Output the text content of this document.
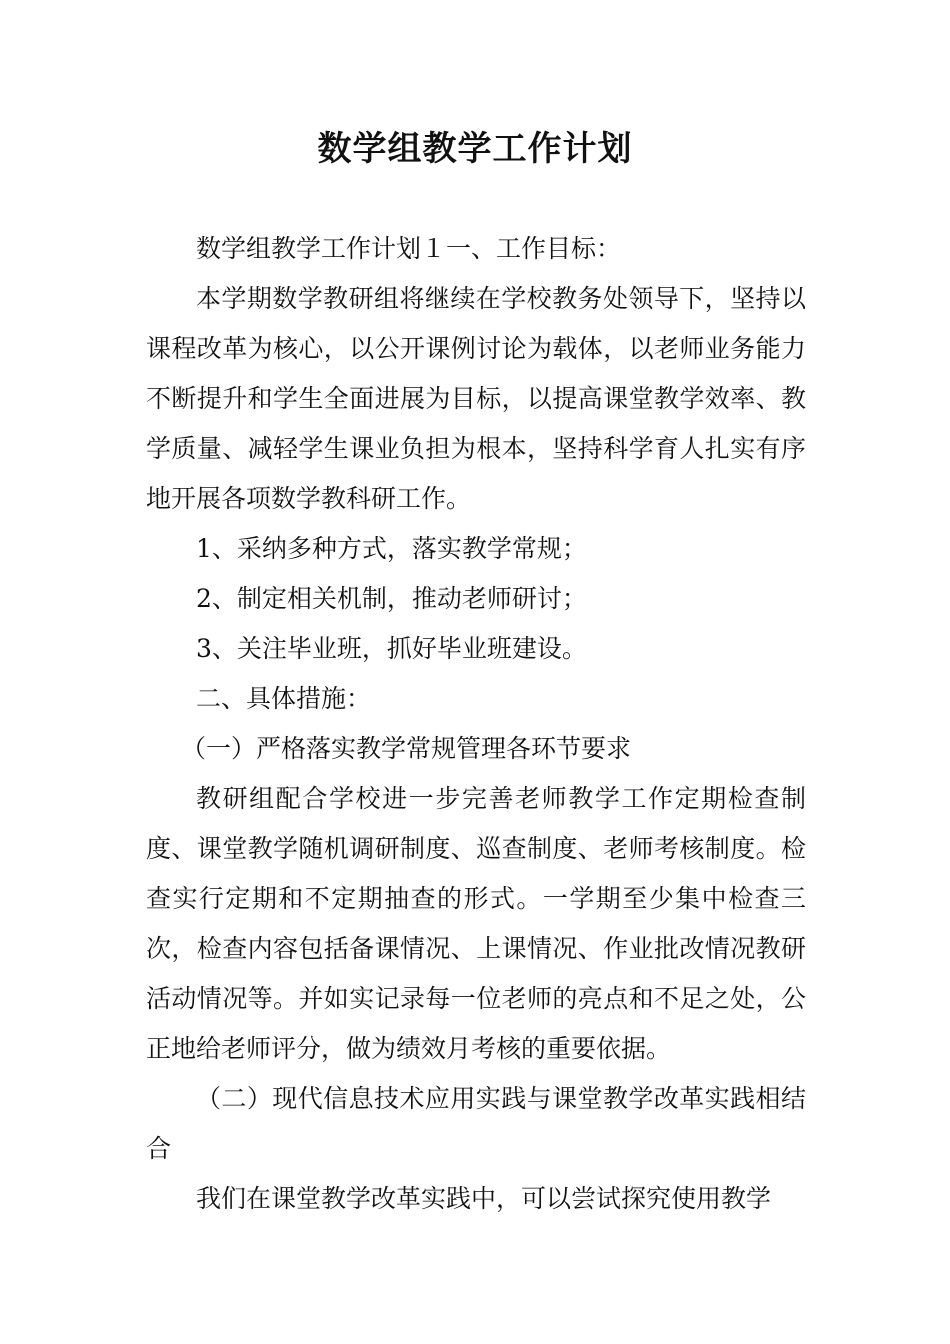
数学组教学工作计划

数学组教学工作计划１一、工作目标：

本学期数学教研组将继续在学校教务处领导下，坚持以课程改革为核心，以公开课例讨论为载体，以老师业务能力不断提升和学生全面进展为目标，以提高课堂教学效率、教学质量、减轻学生课业负担为根本，坚持科学育人扎实有序地开展各项数学教科研工作。

1、采纳多种方式，落实教学常规；

2、制定相关机制，推动老师研讨；

3、关注毕业班，抓好毕业班建设。

二、具体措施：

（一）严格落实教学常规管理各环节要求

教研组配合学校进一步完善老师教学工作定期检查制度、课堂教学随机调研制度、巡查制度、老师考核制度。检查实行定期和不定期抽查的形式。一学期至少集中检查三次，检查内容包括备课情况、上课情况、作业批改情况教研活动情况等。并如实记录每一位老师的亮点和不足之处，公正地给老师评分，做为绩效月考核的重要依据。

（二）现代信息技术应用实践与课堂教学改革实践相结合

我们在课堂教学改革实践中，可以尝试探究使用教学
